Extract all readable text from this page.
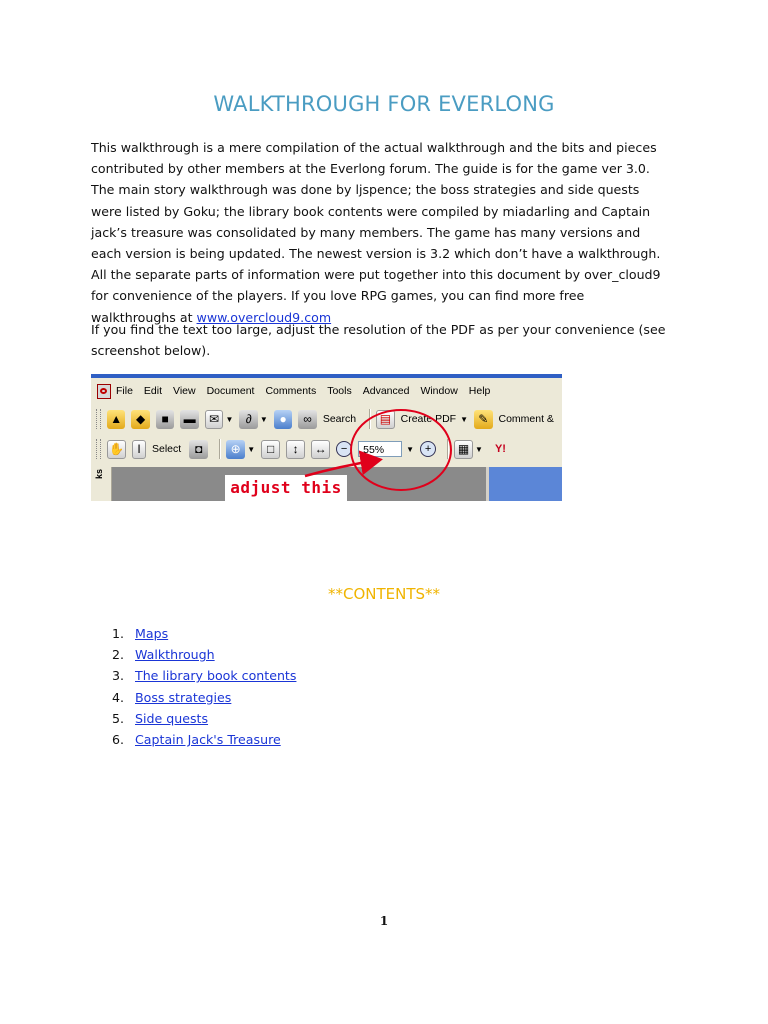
WALKTHROUGH FOR EVERLONG
This walkthrough is a mere compilation of the actual walkthrough and the bits and pieces contributed by other members at the Everlong forum. The guide is for the game ver 3.0. The main story walkthrough was done by ljspence; the boss strategies and side quests were listed by Goku; the library book contents were compiled by miadarling and Captain jack’s treasure was consolidated by many members. The game has many versions and each version is being updated. The newest version is 3.2 which don’t have a walkthrough. All the separate parts of information were put together into this document by over_cloud9 for convenience of the players. If you love RPG games, you can find more free walkthroughs at www.overcloud9.com
If you find the text too large, adjust the resolution of the PDF as per your convenience (see screenshot below).
File Edit View Document Comments Tools Advanced Window Help
▲	◆	■	▬	✉ ▼	∂	▼ ●	∞	Search	▤ Create PDF ▼ ✎ Comment &
✋	I	Select	◘	⊕ ▼ □	↕	↔	−	55%	▼ +	▦ ▼ Y!
ks
adjust this
**CONTENTS**
1. Maps
2. Walkthrough
3. The library book contents
4. Boss strategies
5. Side quests
6. Captain Jack's Treasure
1
